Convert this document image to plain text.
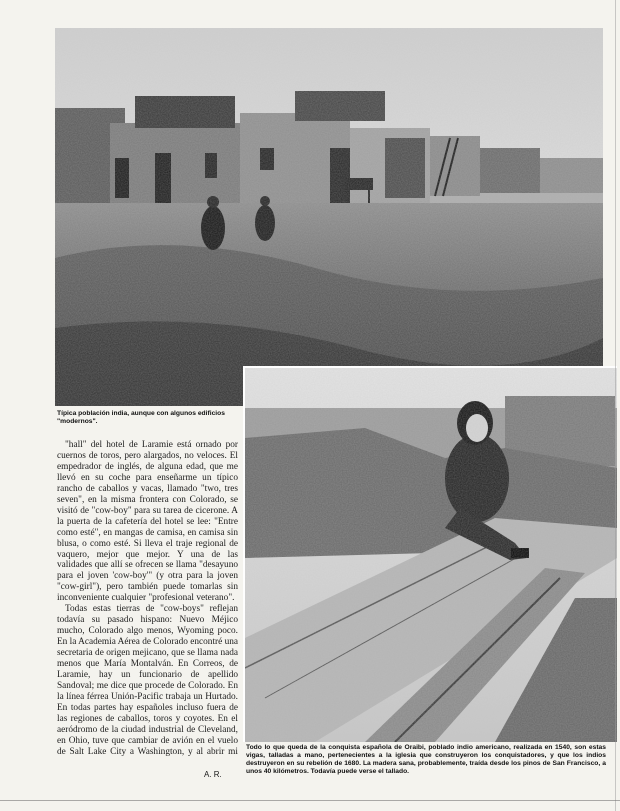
Típica población india, aunque con algunos edificios "modernos".

"hall" del hotel de Laramie está ornado por cuernos de toros, pero alargados, no veloces. El empedrador de inglés, de alguna edad, que me llevó en su coche para enseñarme un típico rancho de caballos y vacas, llamado "two, tres seven", en la misma frontera con Colorado, se visitó de "cow-boy" para su tarea de cicerone. A la puerta de la cafetería del hotel se lee: "Entre como esté", en mangas de camisa, en camisa sin blusa, o como esté. Si lleva el traje regional de vaquero, mejor que mejor. Y una de las validades que allí se ofrecen se llama "desayuno para el joven 'cow-boy'" (y otra para la joven "cow-girl"), pero también puede tomarlas sin inconveniente cualquier "profesional veterano".

Todas estas tierras de "cow-boys" reflejan todavía su pasado hispano: Nuevo Méjico mucho, Colorado algo menos, Wyoming poco. En la Academia Aérea de Colorado encontré una secretaria de origen mejicano, que se llama nada menos que María Montalván. En Correos, de Laramie, hay un funcionario de apellido Sandoval; me dice que procede de Colorado. En la línea férrea Unión-Pacific trabaja un Hurtado. En todas partes hay españoles incluso fuera de las regiones de caballos, toros y coyotes. En el aeródromo de la ciudad industrial de Cleveland, en Ohio, tuve que cambiar de avión en el vuelo de Salt Lake City a Washington, y al abrir mi Todo lo que queda de la conquista española de Oraibi, poblado indio americano, realizada en 1540, son estas vigas, talladas a mano, pertenecientes a la iglesia que construyeron los conquistadores, y que los indios destruyeron en su rebelión de 1680. La madera sana, probablemente, traída desde los pinos de San Francisco, a unos 40 kilómetros. Todavía puede verse el tallado.
A. R.
